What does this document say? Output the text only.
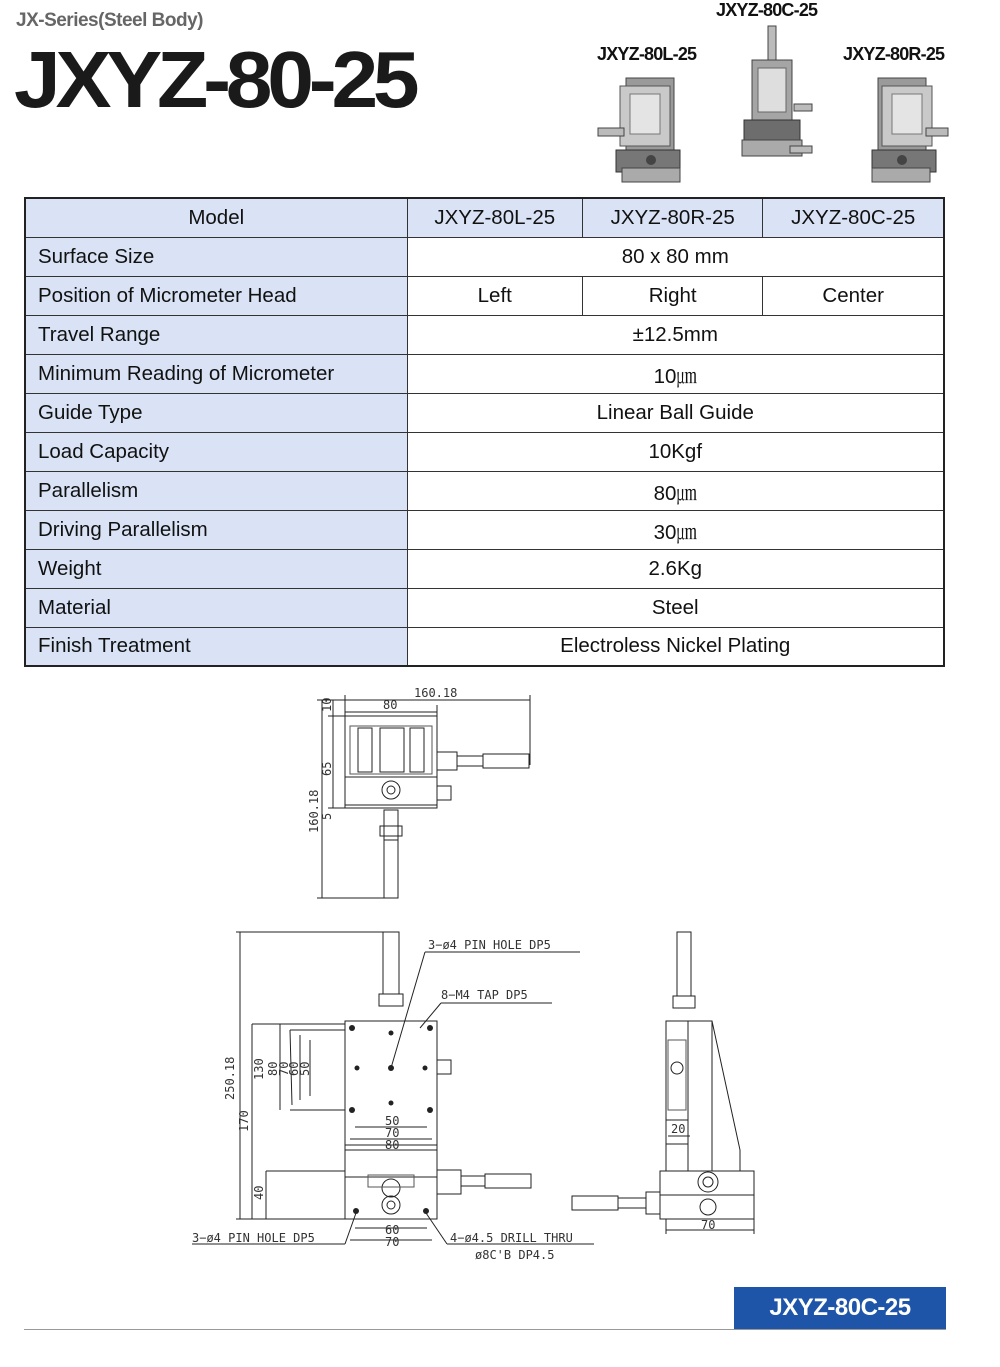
JX-Series(Steel Body)
JXYZ-80-25	JXYZ-80L-25
JXYZ-80C-25
JXYZ-80R-25
Model	JXYZ-80L-25	JXYZ-80R-25	JXYZ-80C-25
Surface Size	80 x 80 mm		
Position of Micrometer Head	Left	Right	Center
Travel Range	±12.5mm		
Minimum Reading of Micrometer	10㎛		
Guide Type	Linear Ball Guide		
Load Capacity	10Kgf		
Parallelism	80㎛		
Driving Parallelism	30㎛		
Weight	2.6Kg		
Material	Steel		
Finish Treatment	Electroless Nickel Plating		
160.18
80
10
65
5
160.18
3−ø4 PIN HOLE DP5
8−M4 TAP DP5
250.18
170
130 80
70
60
50
40
50
70
80
60
70
3−ø4 PIN HOLE DP5	4−ø4.5 DRILL THRU
ø8C'B DP4.5
20
70
JXYZ-80C-25
